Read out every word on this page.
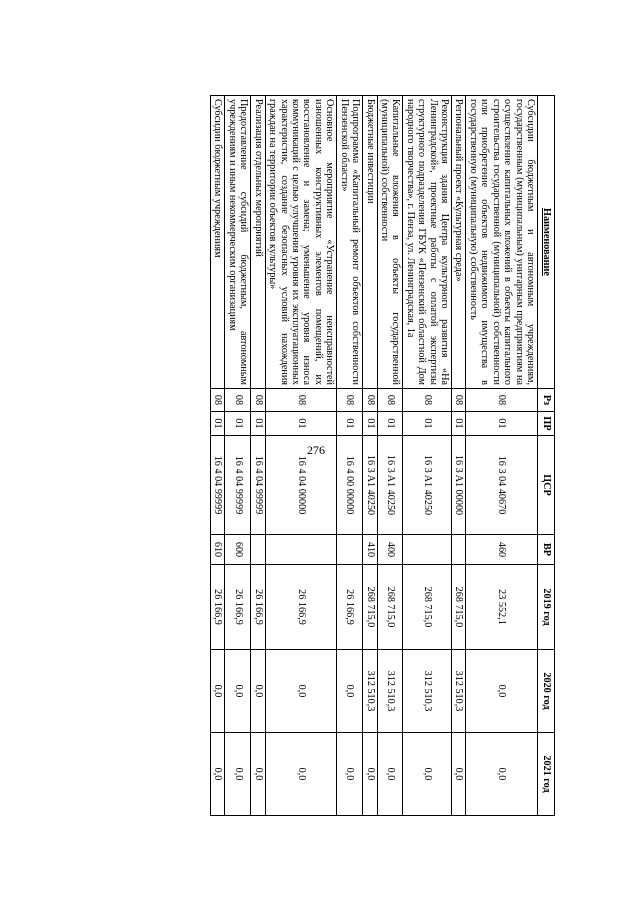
276
Наименование	Рз	ПР	ЦСР	ВР	2019 год	2020 год	2021 год
Субсидии бюджетным и автономным учреждениям, государственным (муниципальным) унитарным предприятиям на осуществление капитальных вложений в объекты капитального строительства государственной (муниципальной) собственности или приобретение объектов недвижимого имущества в государственную (муниципальную) собственность	08	01	16 3 04 40670	460	23 552,1	0,0	0,0
Региональный проект «Культурная среда»	08	01	16 3 A1 00000		268 715,0	312 510,3	0,0
Реконструкция здания Центра культурного развития «На Ленинградской», проектные работы с оплатой экспертизы структурного подразделения ГБУК «Пензенский областной Дом народного творчества», г. Пенза, ул. Ленинградская, 1а	08	01	16 3 A1 40250		268 715,0	312 510,3	0,0
Капитальные вложения в объекты государственной (муниципальной) собственности	08	01	16 3 A1 40250	400	268 715,0	312 510,3	0,0
Бюджетные инвестиции	08	01	16 3 A1 40250	410	268 715,0	312 510,3	0,0
Подпрограмма «Капитальный ремонт объектов собственности Пензенской области»	08	01	16 4 00 00000		26 166,9	0,0	0,0
Основное мероприятие «Устранение неисправностей изношенных конструктивных элементов помещений, их восстановление и замена; уменьшение уровня износа коммуникаций с целью улучшения уровня их эксплуатационных характеристик, создание безопасных условий нахождения граждан на территории объектов культуры»	08	01	16 4 04 00000		26 166,9	0,0	0,0
Реализация отдельных мероприятий	08	01	16 4 04 99999		26 166,9	0,0	0,0
Предоставление субсидий бюджетным, автономным учреждениям и иным некоммерческим организациям	08	01	16 4 04 99999	600	26 166,9	0,0	0,0
Субсидии бюджетным учреждениям	08	01	16 4 04 99999	610	26 166,9	0,0	0,0
